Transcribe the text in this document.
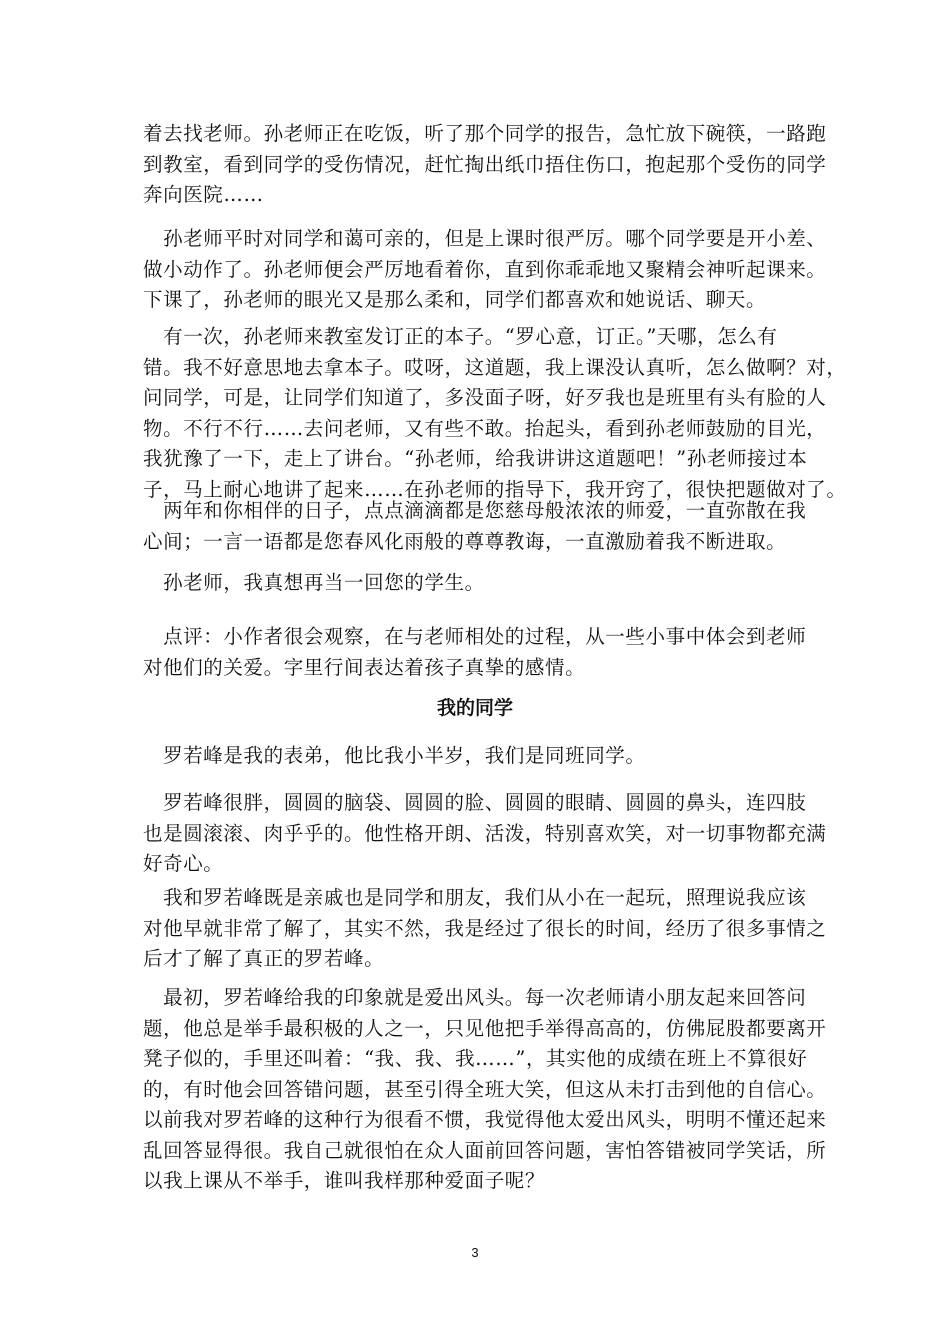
着去找老师。孙老师正在吃饭，听了那个同学的报告，急忙放下碗筷，一路跑
到教室，看到同学的受伤情况，赶忙掏出纸巾捂住伤口，抱起那个受伤的同学
奔向医院……
　孙老师平时对同学和蔼可亲的，但是上课时很严厉。哪个同学要是开小差、
做小动作了。孙老师便会严厉地看着你，直到你乖乖地又聚精会神听起课来。
下课了，孙老师的眼光又是那么柔和，同学们都喜欢和她说话、聊天。
　有一次，孙老师来教室发订正的本子。“罗心意，订正。”天哪，怎么有
错。我不好意思地去拿本子。哎呀，这道题，我上课没认真听，怎么做啊？对，
问同学，可是，让同学们知道了，多没面子呀，好歹我也是班里有头有脸的人
物。不行不行……去问老师，又有些不敢。抬起头，看到孙老师鼓励的目光，
我犹豫了一下，走上了讲台。“孙老师，给我讲讲这道题吧！”孙老师接过本
子，马上耐心地讲了起来……在孙老师的指导下，我开窍了，很快把题做对了。
　两年和你相伴的日子，点点滴滴都是您慈母般浓浓的师爱，一直弥散在我
心间；一言一语都是您春风化雨般的尊尊教诲，一直激励着我不断进取。
　孙老师，我真想再当一回您的学生。
　点评：小作者很会观察，在与老师相处的过程，从一些小事中体会到老师
对他们的关爱。字里行间表达着孩子真挚的感情。
我的同学
　罗若峰是我的表弟，他比我小半岁，我们是同班同学。
　罗若峰很胖，圆圆的脑袋、圆圆的脸、圆圆的眼睛、圆圆的鼻头，连四肢
也是圆滚滚、肉乎乎的。他性格开朗、活泼，特别喜欢笑，对一切事物都充满
好奇心。
　我和罗若峰既是亲戚也是同学和朋友，我们从小在一起玩，照理说我应该
对他早就非常了解了，其实不然，我是经过了很长的时间，经历了很多事情之
后才了解了真正的罗若峰。
　最初，罗若峰给我的印象就是爱出风头。每一次老师请小朋友起来回答问
题，他总是举手最积极的人之一，只见他把手举得高高的，仿佛屁股都要离开
凳子似的，手里还叫着：“我、我、我……”，其实他的成绩在班上不算很好
的，有时他会回答错问题，甚至引得全班大笑，但这从未打击到他的自信心。
以前我对罗若峰的这种行为很看不惯，我觉得他太爱出风头，明明不懂还起来
乱回答显得很。我自己就很怕在众人面前回答问题，害怕答错被同学笑话，所
以我上课从不举手，谁叫我样那种爱面子呢？
3
